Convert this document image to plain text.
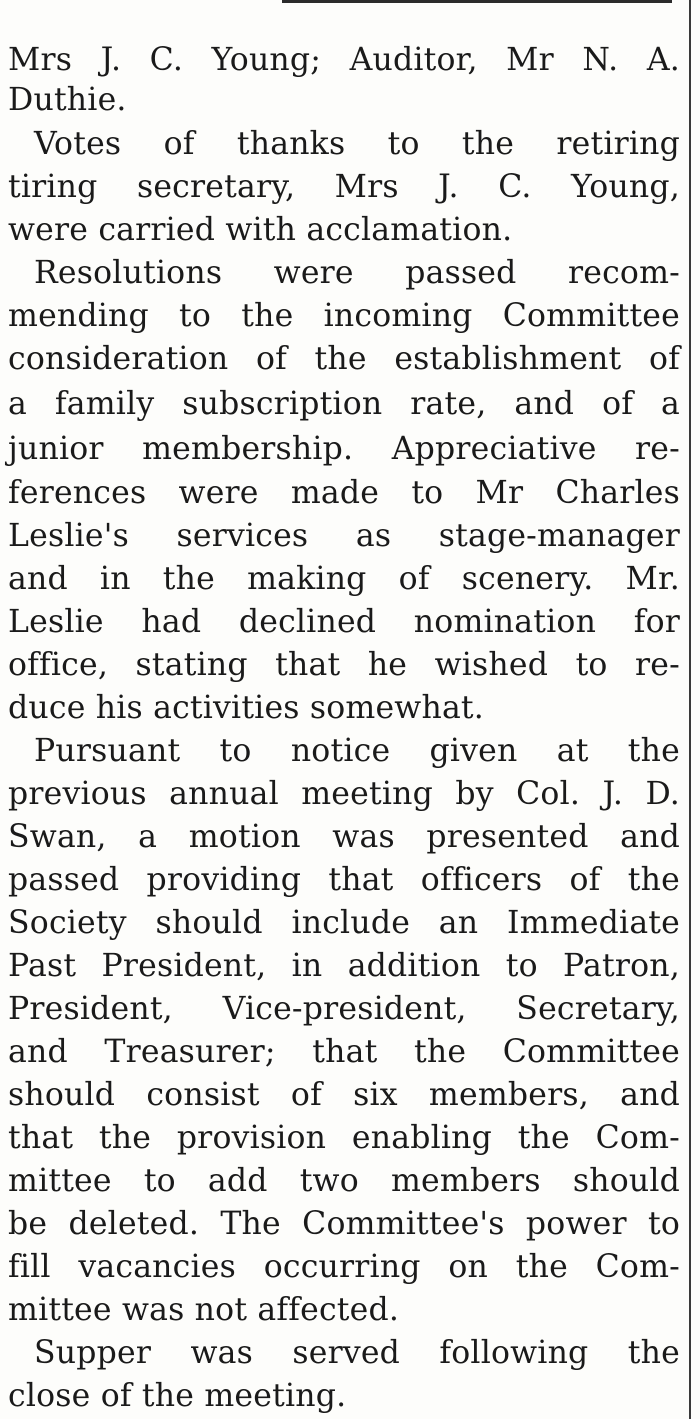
Mrs J. C. Young; Auditor, Mr N. A.
Duthie.
Votes of thanks to the retiring
tiring secretary, Mrs J. C. Young,
were carried with acclamation.
Resolutions were passed recom-
mending to the incoming Committee
consideration of the establishment of
a family subscription rate, and of a
junior membership. Appreciative re-
ferences were made to Mr Charles
Leslie's services as stage-manager
and in the making of scenery. Mr.
Leslie had declined nomination for
office, stating that he wished to re-
duce his activities somewhat.
Pursuant to notice given at the
previous annual meeting by Col. J. D.
Swan, a motion was presented and
passed providing that officers of the
Society should include an Immediate
Past President, in addition to Patron,
President, Vice-president, Secretary,
and Treasurer; that the Committee
should consist of six members, and
that the provision enabling the Com-
mittee to add two members should
be deleted. The Committee's power to
fill vacancies occurring on the Com-
mittee was not affected.
Supper was served following the
close of the meeting.
